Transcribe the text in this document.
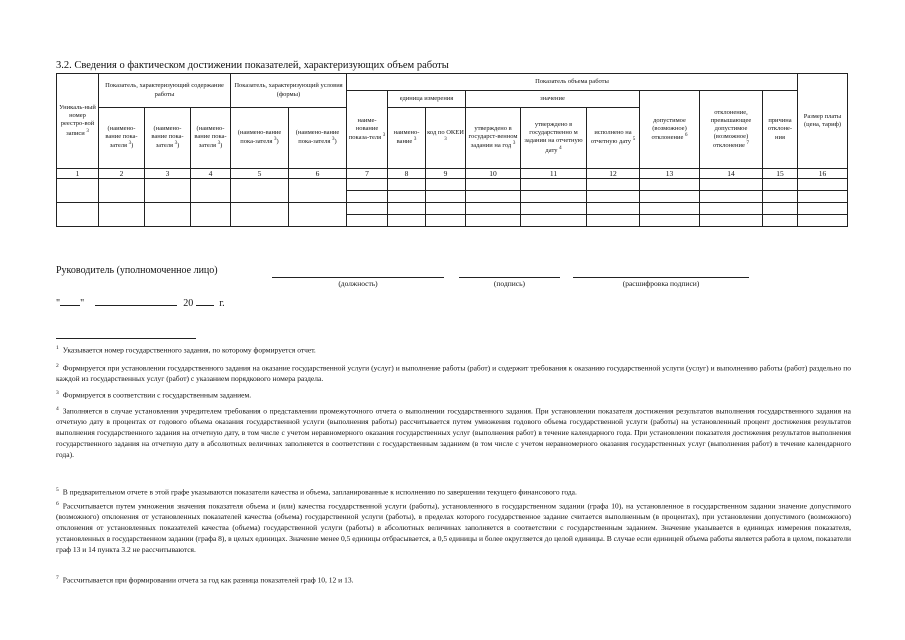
3.2. Сведения о фактическом достижении показателей, характеризующих объем работы
Уникаль-ный номер реестро-вой записи $^3$	Показатель, характеризующий содержание работы			Показатель, характеризующий условия (формы)		Показатель объема работы									Размер платы (цена, тариф)
						наиме-нование показа-теля $^3$	единица измерения		значение			допустимое (возможное) отклонение $^6$	отклонение, превышающее допустимое (возможное) отклонение $^7$	причина отклоне-ния	
	(наимено-вание пока-зателя $^3$)	(наимено-вание пока-зателя $^3$)	(наимено-вание пока-зателя $^3$)	(наимено-вание пока-зателя $^3$)	(наимено-вание пока-зателя $^3$)		наимено-вание $^3$	код по ОКЕИ $^3$	утверждено в государст-венном задании на год $^3$	утверждено в государственно м задании на отчетную дату $^4$	исполнено на отчетную дату $^5$
1	2	3	4	5	6	7	8	9	10	11	12	13	14	15	16

Руководитель (уполномоченное лицо)
(должность)	(подпись)	(расшифровка подписи)
" "	20	г.
$^1$ Указывается номер государственного задания, по которому формируется отчет.
$^2$ Формируется при установлении государственного задания на оказание государственной услуги (услуг) и выполнение работы (работ) и содержит требования к оказанию государственной услуги (услуг) и выполнению работы (работ) раздельно по каждой из государственных услуг (работ) с указанием порядкового номера раздела.
$^3$ Формируется в соответствии с государственным заданием.
$^4$ Заполняется в случае установления учредителем требования о представлении промежуточного отчета о выполнении государственного задания. При установлении показателя достижения результатов выполнения государственного задания на отчетную дату в процентах от годового объема оказания государственной услуги (выполнения работы) рассчитывается путем умножения годового объема государственной услуги (работы) на установленный процент достижения результатов выполнения государственного задания на отчетную дату, в том числе с учетом неравномерного оказания государственных услуг (выполнения работ) в течение календарного года. При установлении показателя достижения результатов выполнения государственного задания на отчетную дату в абсолютных величинах заполняется в соответствии с государственным заданием (в том числе с учетом неравномерного оказания государственных услуг (выполнения работ) в течение календарного года).
$^5$ В предварительном отчете в этой графе указываются показатели качества и объема, запланированные к исполнению по завершении текущего финансового года.
$^6$ Рассчитывается путем умножения значения показателя объема и (или) качества государственной услуги (работы), установленного в государственном задании (графа 10), на установленное в государственном задании значение допустимого (возможного) отклонения от установленных показателей качества (объема) государственной услуги (работы), в пределах которого государственное задание считается выполненным (в процентах), при установлении допустимого (возможного) отклонения от установленных показателей качества (объема) государственной услуги (работы) в абсолютных величинах заполняется в соответствии с государственным заданием. Значение указывается в единицах измерения показателя, установленных в государственном задании (графа 8), в целых единицах. Значение менее 0,5 единицы отбрасывается, а 0,5 единицы и более округляется до целой единицы. В случае если единицей объема работы является работа в целом, показатели граф 13 и 14 пункта 3.2 не рассчитываются.
$^7$ Рассчитывается при формировании отчета за год как разница показателей граф 10, 12 и 13.
